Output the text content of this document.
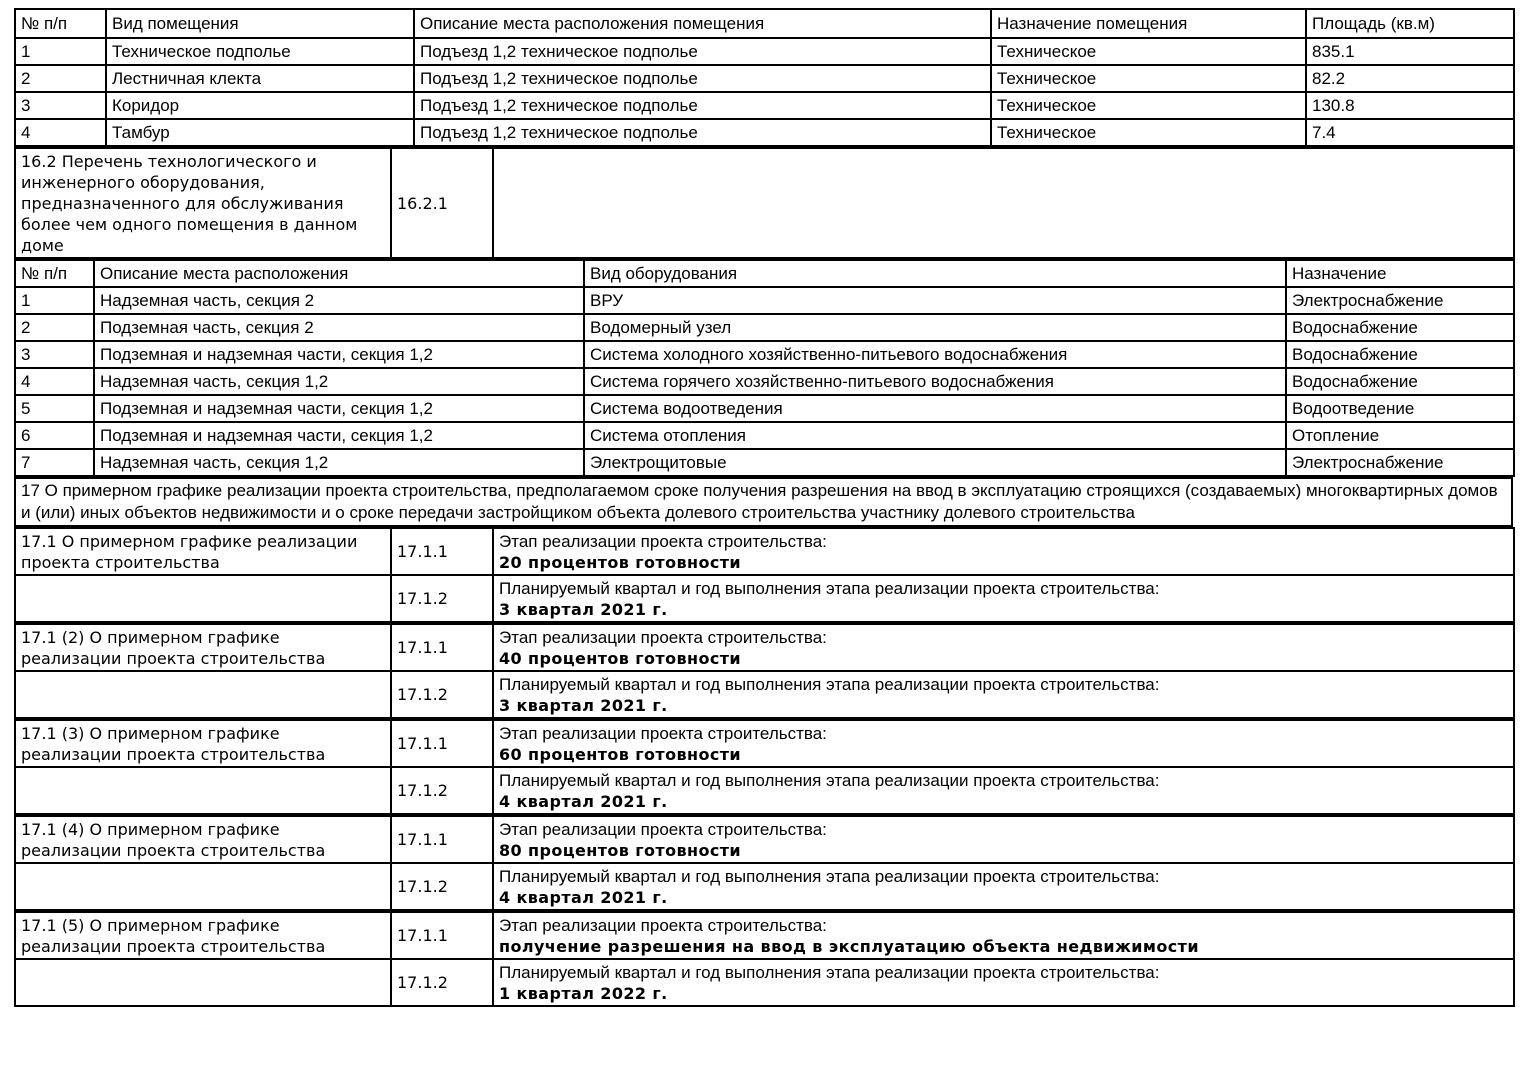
№ п/п	Вид помещения	Описание места расположения помещения	Назначение помещения	Площадь (кв.м)
1	Техническое подполье	Подъезд 1,2 техническое подполье	Техническое	835.1
2	Лестничная клекта	Подъезд 1,2 техническое подполье	Техническое	82.2
3	Коридор	Подъезд 1,2 техническое подполье	Техническое	130.8
4	Тамбур	Подъезд 1,2 техническое подполье	Техническое	7.4
16.2 Перечень технологического и инженерного оборудования, предназначенного для обслуживания более чем одного помещения в данном доме	16.2.1	
№ п/п	Описание места расположения	Вид оборудования	Назначение
1	Надземная часть, секция 2	ВРУ	Электроснабжение
2	Подземная часть, секция 2	Водомерный узел	Водоснабжение
3	Подземная и надземная части, секция 1,2	Система холодного хозяйственно-питьевого водоснабжения	Водоснабжение
4	Надземная часть, секция 1,2	Система горячего хозяйственно-питьевого водоснабжения	Водоснабжение
5	Подземная и надземная части, секция 1,2	Система водоотведения	Водоотведение
6	Подземная и надземная части, секция 1,2	Система отопления	Отопление
7	Надземная часть, секция 1,2	Электрощитовые	Электроснабжение
17 О примерном графике реализации проекта строительства, предполагаемом сроке получения разрешения на ввод в эксплуатацию строящихся (создаваемых) многоквартирных домов и (или) иных объектов недвижимости и о сроке передачи застройщиком объекта долевого строительства участнику долевого строительства
17.1 О примерном графике реализации проекта строительства	17.1.1	Этап реализации проекта строительства:
20 процентов готовности

	17.1.2	Планируемый квартал и год выполнения этапа реализации проекта строительства:
3 квартал 2021 г.
17.1 (2) О примерном графике реализации проекта строительства	17.1.1	Этап реализации проекта строительства:
40 процентов готовности

	17.1.2	Планируемый квартал и год выполнения этапа реализации проекта строительства:
3 квартал 2021 г.
17.1 (3) О примерном графике реализации проекта строительства	17.1.1	Этап реализации проекта строительства:
60 процентов готовности

	17.1.2	Планируемый квартал и год выполнения этапа реализации проекта строительства:
4 квартал 2021 г.
17.1 (4) О примерном графике реализации проекта строительства	17.1.1	Этап реализации проекта строительства:
80 процентов готовности

	17.1.2	Планируемый квартал и год выполнения этапа реализации проекта строительства:
4 квартал 2021 г.
17.1 (5) О примерном графике реализации проекта строительства	17.1.1	Этап реализации проекта строительства:
получение разрешения на ввод в эксплуатацию объекта недвижимости

	17.1.2	Планируемый квартал и год выполнения этапа реализации проекта строительства:
1 квартал 2022 г.
